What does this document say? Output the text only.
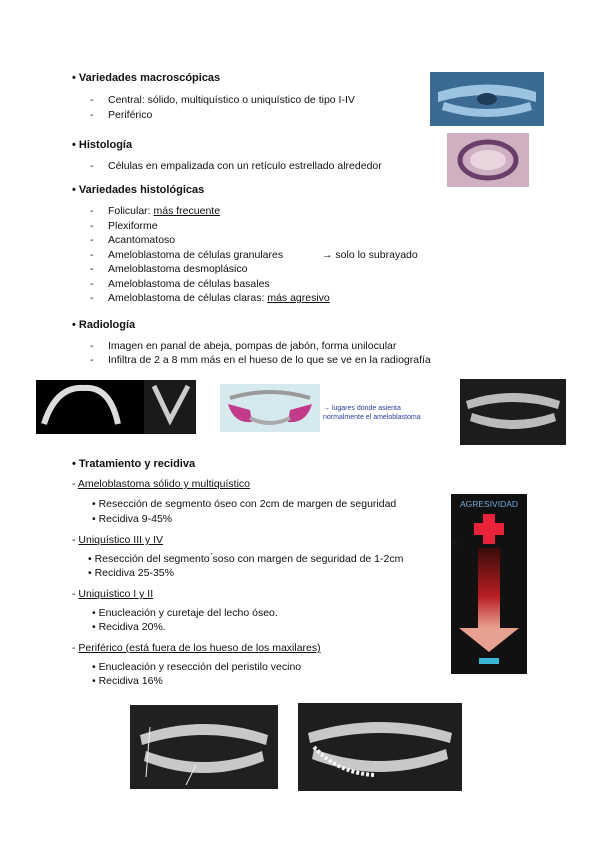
• Variedades macroscópicas
- Central: sólido, multiquístico o uniquístico de tipo I-IV
- Periférico
• Histología
- Células en empalizada con un retículo estrellado alrededor
• Variedades histológicas
- Folicular: más frecuente
- Plexiforme
- Acantomatoso
- Ameloblastoma de células granulares	→ solo lo subrayado
- Ameloblastoma desmoplásico
- Ameloblastoma de células basales
- Ameloblastoma de células claras: más agresivo
• Radiología
- Imagen en panal de abeja, pompas de jabón, forma unilocular
- Infiltra de 2 a 8 mm más en el hueso de lo que se ve en la radiografía
→ lugares donde asienta normalmente el ameloblastoma
• Tratamiento y recidiva
- Ameloblastoma sólido y multiquístico
• Resección de segmento óseo con 2cm de margen de seguridad
• Recidiva 9-45%
- Uniquístico III y IV
• Resección del segmento ́soso con margen de seguridad de 1-2cm
• Recidiva 25-35%
- Uniquístico I y II
• Enucleación y curetaje del lecho óseo.
• Recidiva 20%.
- Periférico (está fuera de los hueso de los maxilares)
• Enucleación y resección del peristilo vecino
• Recidiva 16%
AGRESIVIDAD
O₂
